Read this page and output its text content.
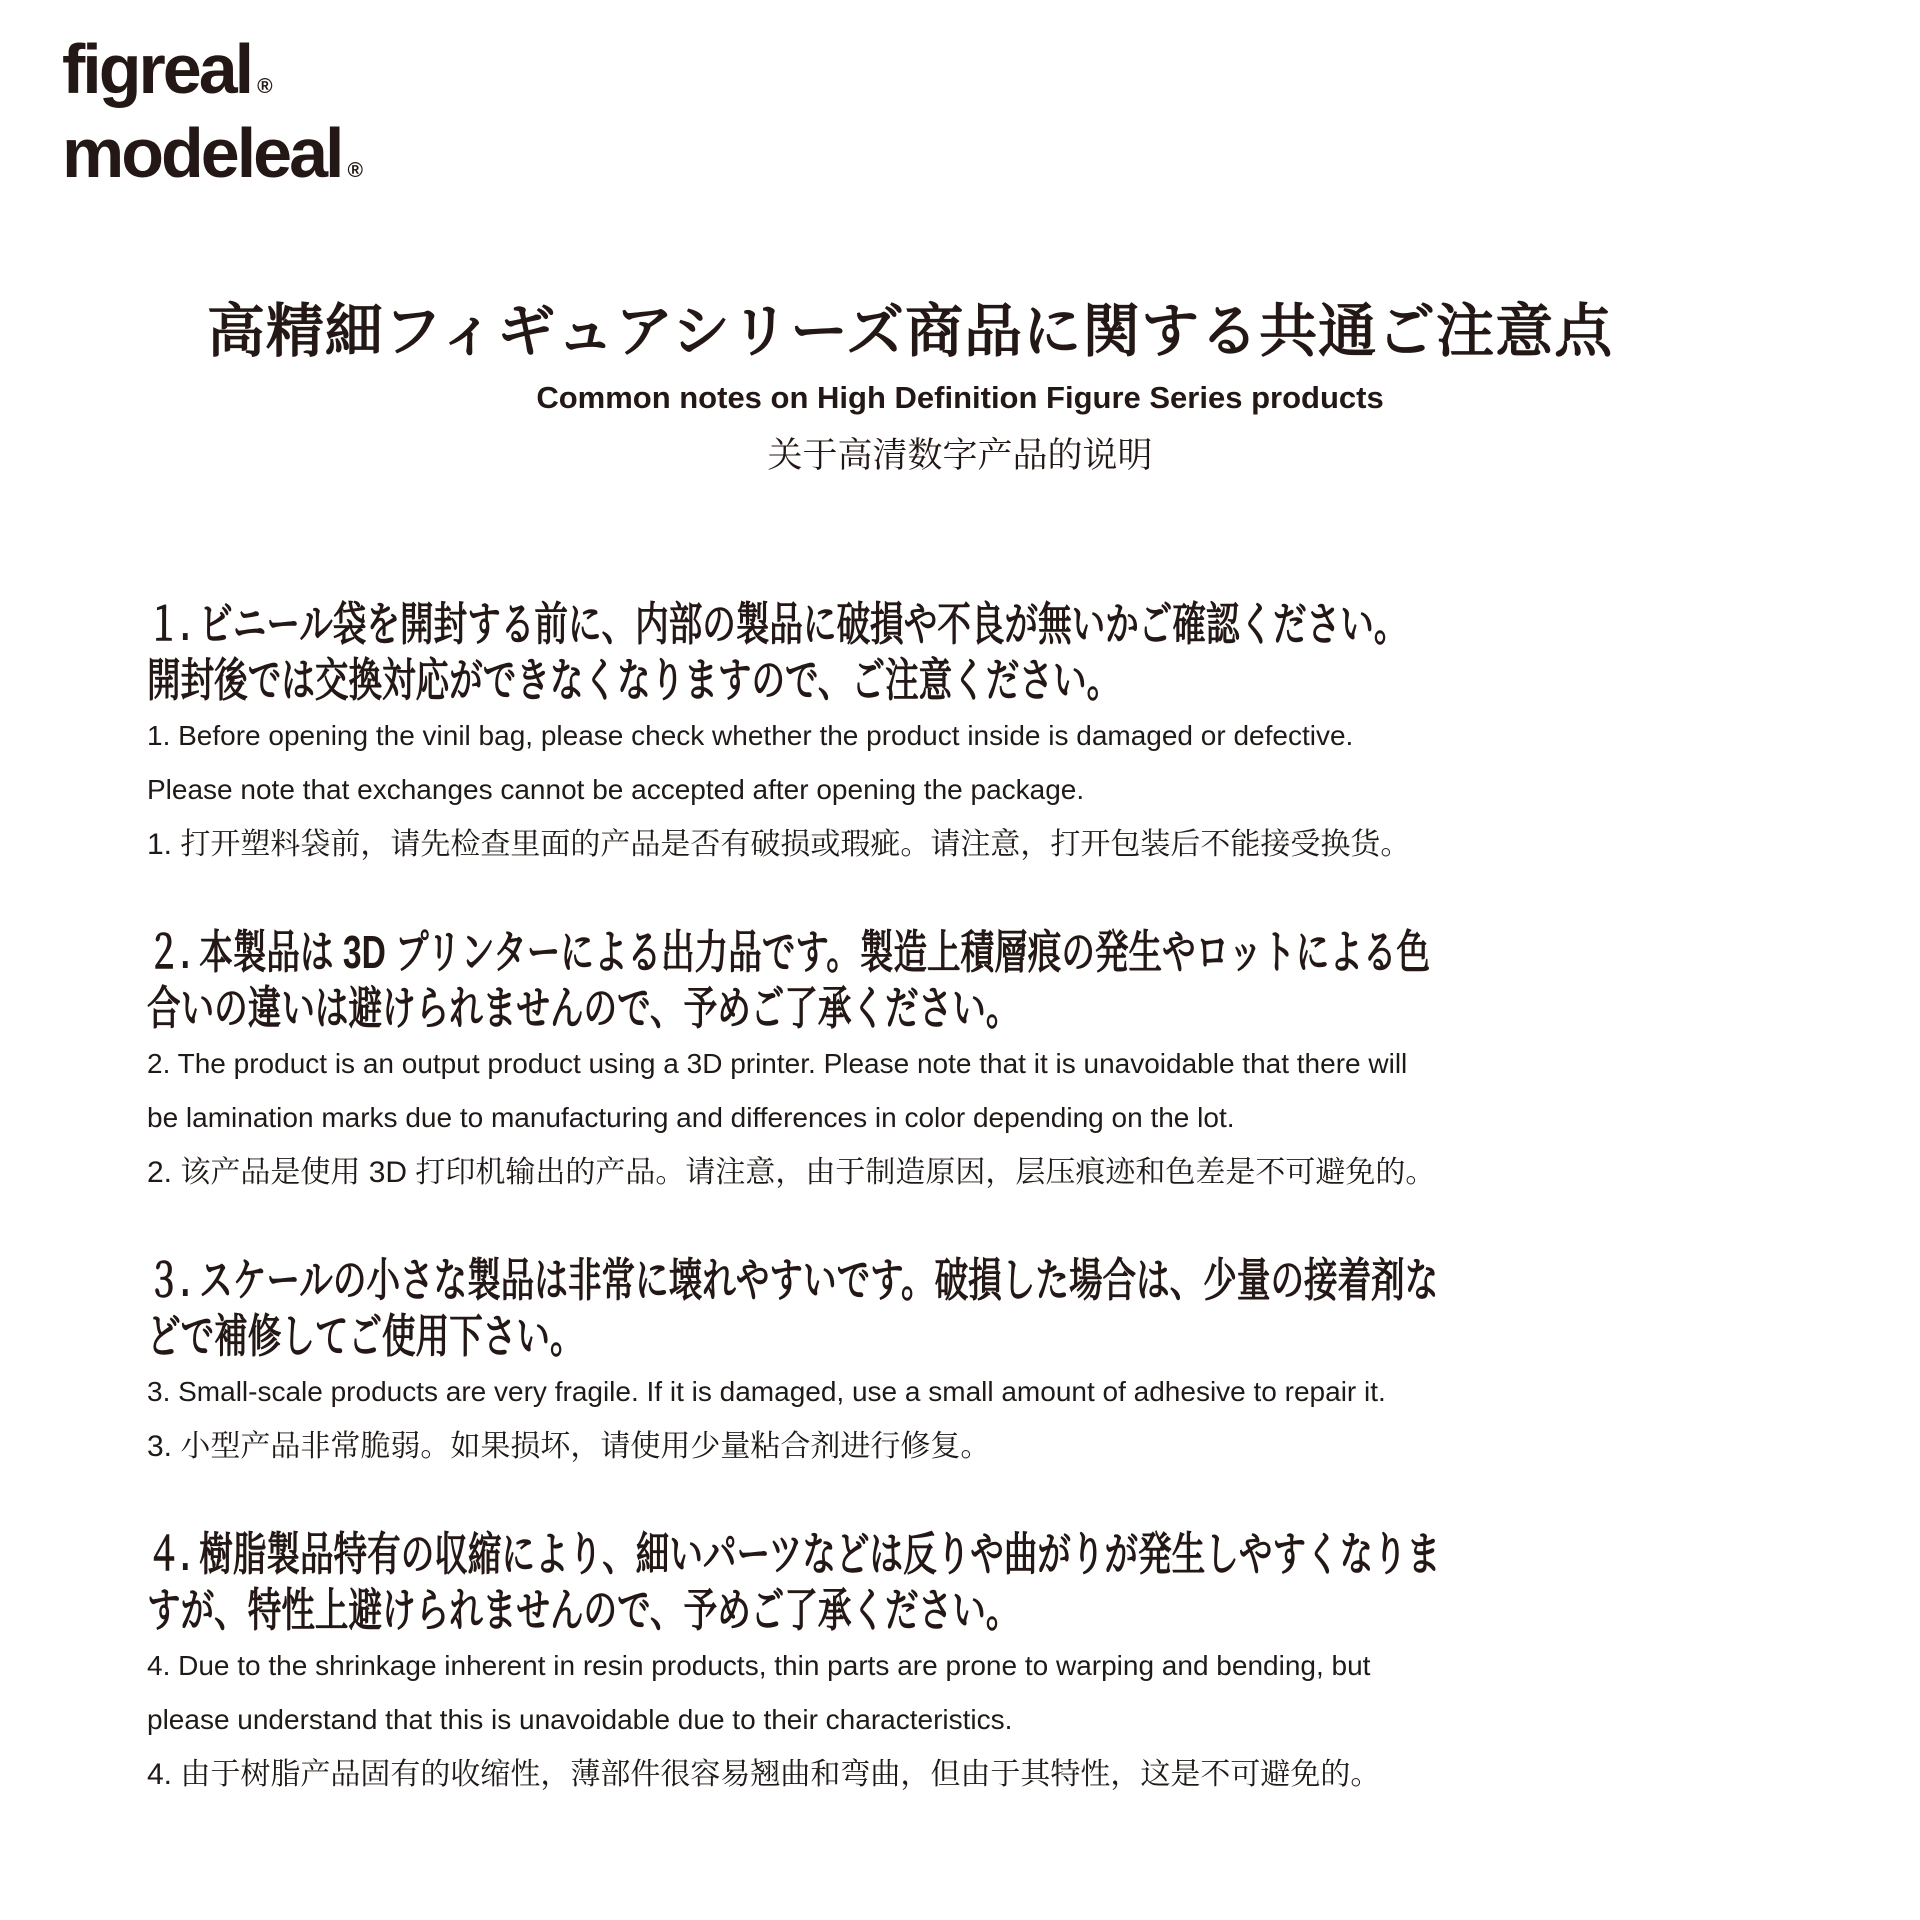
figreal ®
modeleal ®
高精細フィギュアシリーズ商品に関する共通ご注意点
Common notes on High Definition Figure Series products
关于高清数字产品的说明
１. ビニール袋を開封する前に、内部の製品に破損や不良が無いかご確認ください。
開封後では交換対応ができなくなりますので、ご注意ください。
1. Before opening the vinil bag, please check whether the product inside is damaged or defective.
Please note that exchanges cannot be accepted after opening the package.
1. 打开塑料袋前，请先检查里面的产品是否有破损或瑕疵。请注意，打开包装后不能接受换货。
２. 本製品は 3D プリンターによる出力品です。製造上積層痕の発生やロットによる色
合いの違いは避けられませんので、予めご了承ください。
2. The product is an output product using a 3D printer. Please note that it is unavoidable that there will
be lamination marks due to manufacturing and differences in color depending on the lot.
2. 该产品是使用 3D 打印机输出的产品。请注意，由于制造原因，层压痕迹和色差是不可避免的。
３. スケールの小さな製品は非常に壊れやすいです。破損した場合は、少量の接着剤な
どで補修してご使用下さい。
3. Small-scale products are very fragile. If it is damaged, use a small amount of adhesive to repair it.
3. 小型产品非常脆弱。如果损坏，请使用少量粘合剂进行修复。
４. 樹脂製品特有の収縮により、細いパーツなどは反りや曲がりが発生しやすくなりま
すが、特性上避けられませんので、予めご了承ください。
4. Due to the shrinkage inherent in resin products, thin parts are prone to warping and bending, but
please understand that this is unavoidable due to their characteristics.
4. 由于树脂产品固有的收缩性，薄部件很容易翘曲和弯曲，但由于其特性，这是不可避免的。
